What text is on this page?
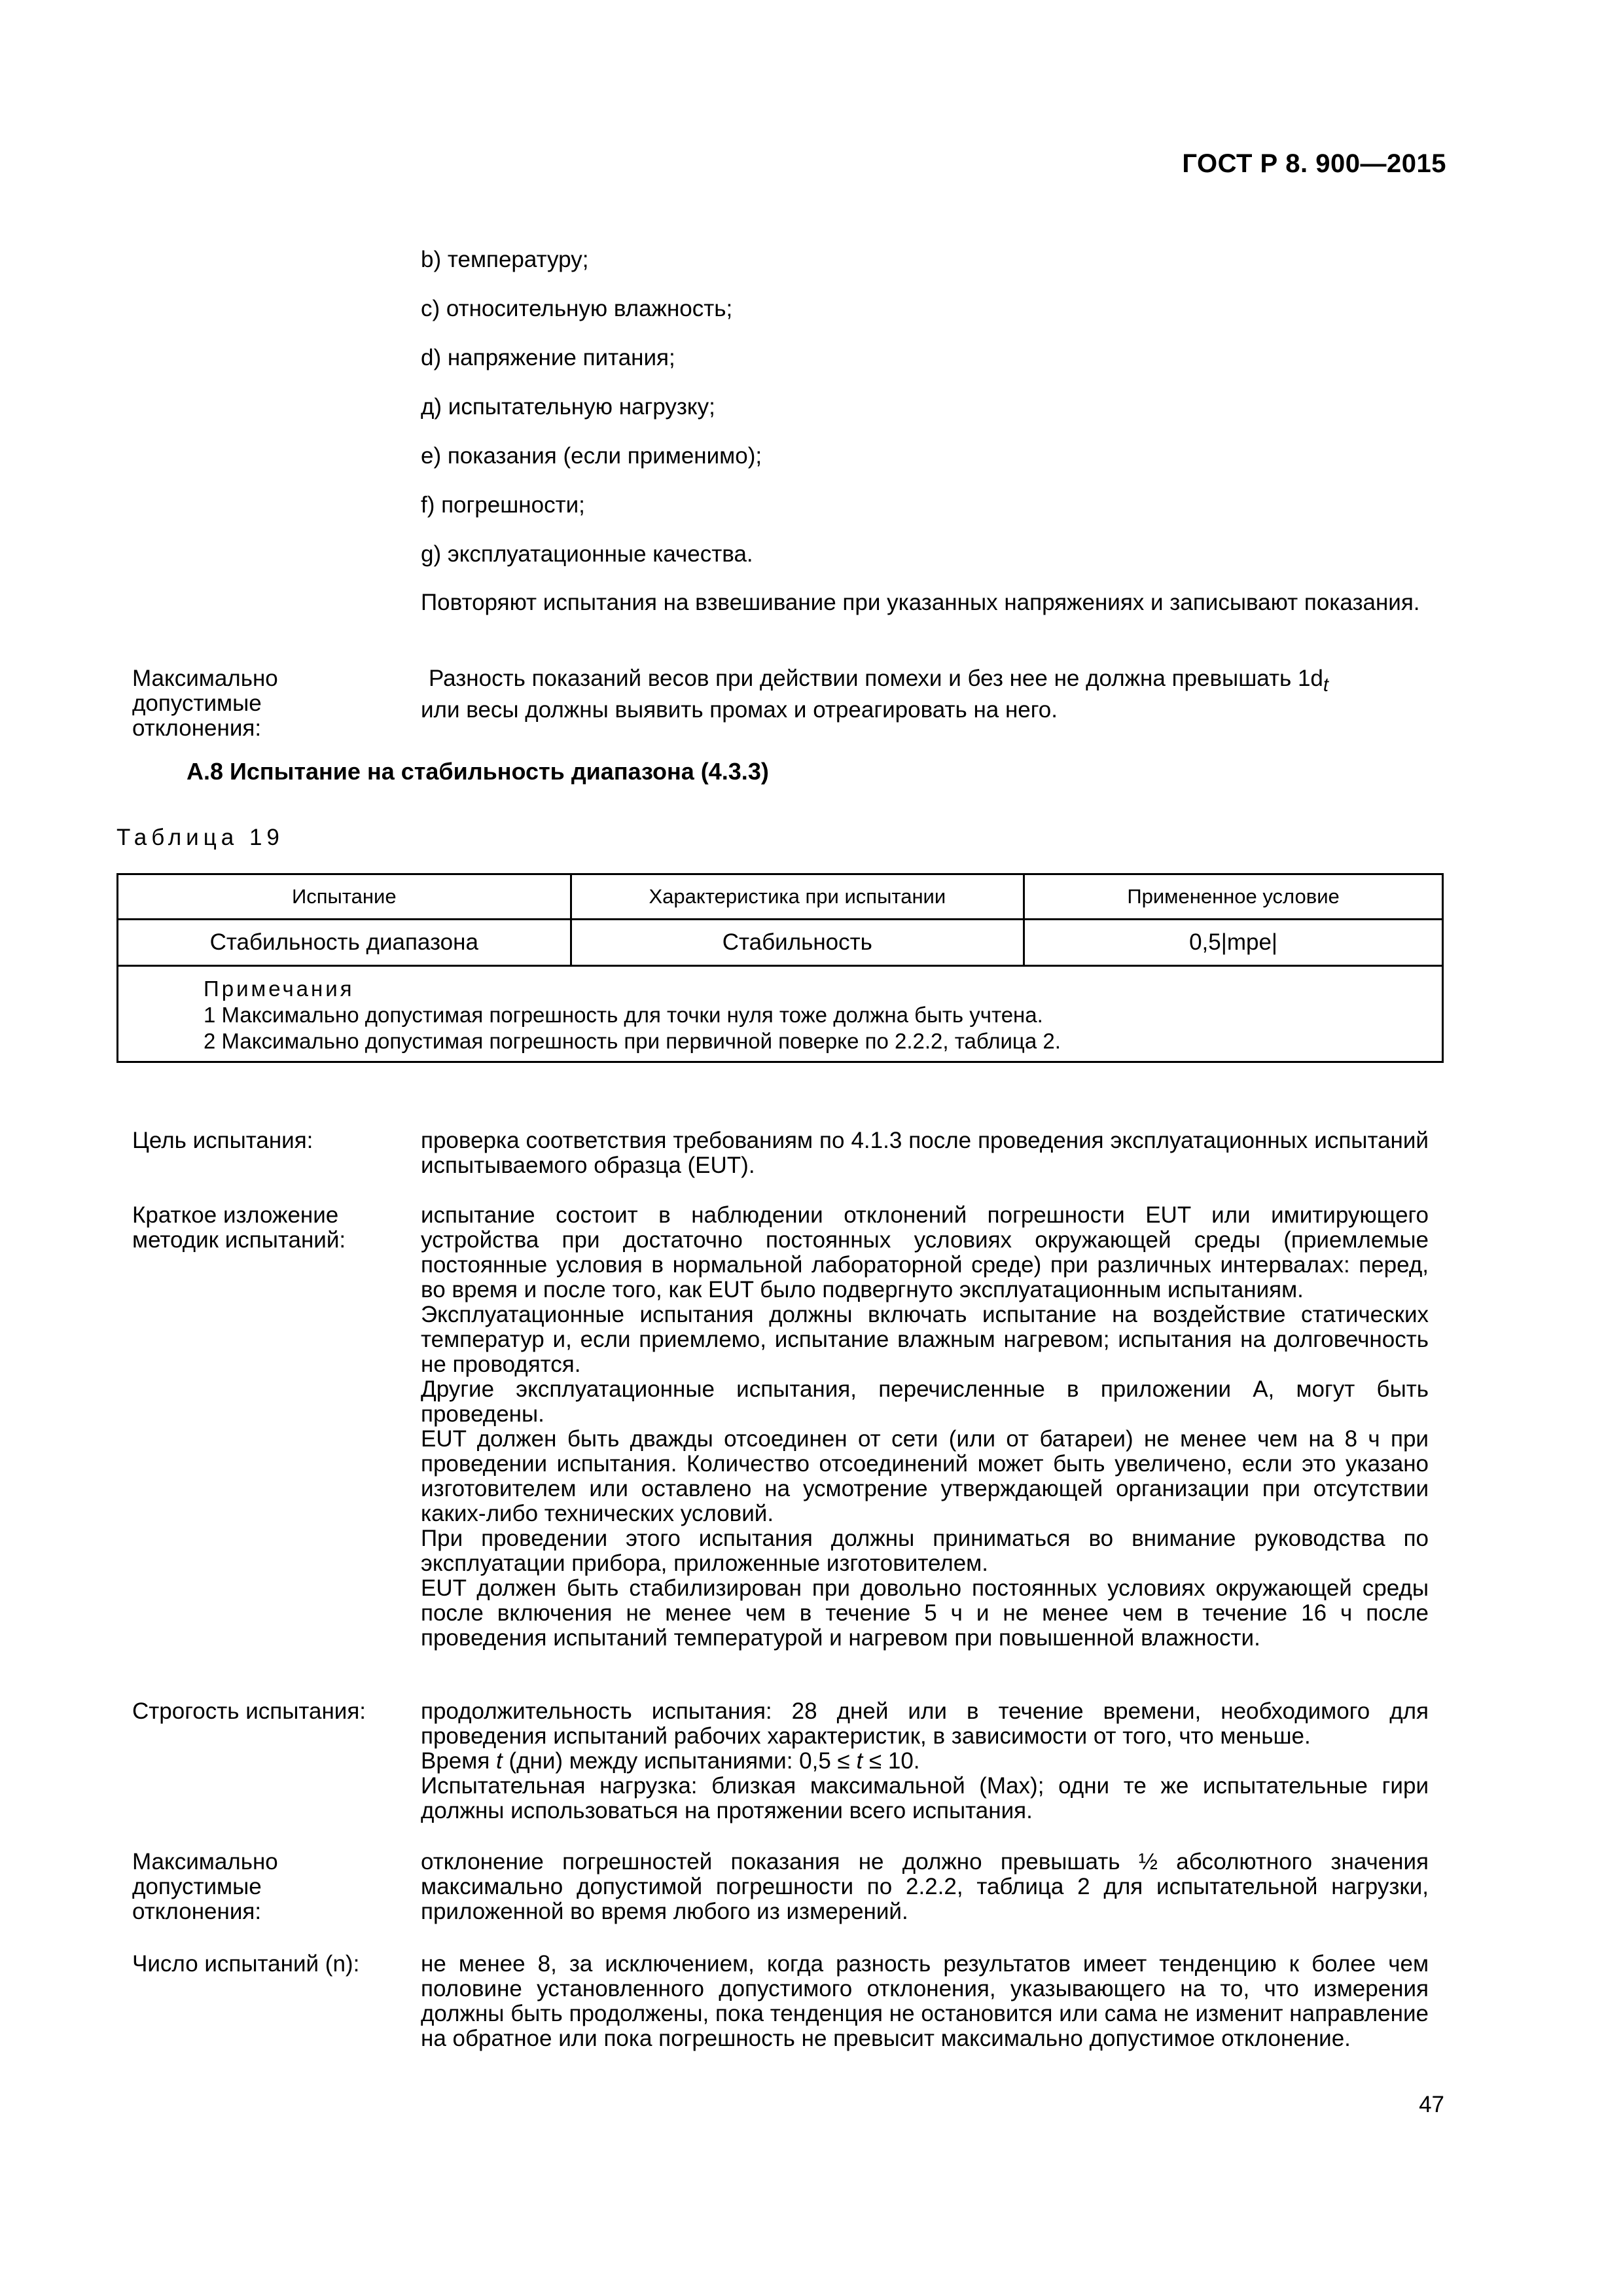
ГОСТ Р 8. 900—2015
b) температуру;
c) относительную влажность;
d) напряжение питания;
д) испытательную нагрузку;
e) показания (если применимо);
f) погрешности;
g) эксплуатационные качества.
Повторяют испытания на взвешивание при указанных напряжениях и записывают показания.
Максимально допустимые отклонения:
Разность показаний весов при действии помехи и без нее не должна превышать $1d_t$
или весы должны выявить промах и отреагировать на него.
А.8 Испытание на стабильность диапазона (4.3.3)
Таблица 19
Испытание	Характеристика при испытании	Примененное условие
Стабильность диапазона	Стабильность	0,5|mpe|

Примечания
1 Максимально допустимая погрешность для точки нуля тоже должна быть учтена.
2 Максимально допустимая погрешность при первичной поверке по 2.2.2, таблица 2.		
Цель испытания:	проверка соответствия требованиям по 4.1.3 после проведения эксплуатационных испытаний испытываемого образца (EUT).

Краткое изложение методик испытаний:

испытание состоит в наблюдении отклонений погрешности EUT или имитирующего устройства при достаточно постоянных условиях окружающей среды (приемлемые постоянные условия в нормальной лабораторной среде) при различных интервалах: перед, во время и после того, как EUT было подвергнуто эксплуатационным испытаниям.

Эксплуатационные испытания должны включать испытание на воздействие статических температур и, если приемлемо, испытание влажным нагревом; испытания на долговечность не проводятся.

Другие эксплуатационные испытания, перечисленные в приложении А, могут быть проведены.

EUT должен быть дважды отсоединен от сети (или от батареи) не менее чем на 8 ч при проведении испытания. Количество отсоединений может быть увеличено, если это указано изготовителем или оставлено на усмотрение утверждающей организации при отсутствии каких-либо технических условий.

При проведении этого испытания должны приниматься во внимание руководства по эксплуатации прибора, приложенные изготовителем.

EUT должен быть стабилизирован при довольно постоянных условиях окружающей среды после включения не менее чем в течение 5 ч и не менее чем в течение 16 ч после проведения испытаний температурой и нагревом при повышенной влажности.

Строгость испытания: продолжительность испытания: 28 дней или в течение времени, необходимого для проведения испытаний рабочих характеристик, в зависимости от того, что меньше.

Время t (дни) между испытаниями: 0,5 ≤ t ≤ 10.

Испытательная нагрузка: близкая максимальной (Max); одни те же испытательные гири должны использоваться на протяжении всего испытания.

Максимально допустимые отклонения:

отклонение погрешностей показания не должно превышать ½ абсолютного значения максимально допустимой погрешности по 2.2.2, таблица 2 для испытательной нагрузки, приложенной во время любого из измерений.

Число испытаний (n):	не менее 8, за исключением, когда разность результатов имеет тенденцию к более чем половине установленного допустимого отклонения, указывающего на то, что измерения должны быть продолжены, пока тенденция не остановится или сама не изменит направление на обратное или пока погрешность не превысит максимально допустимое отклонение.

47
